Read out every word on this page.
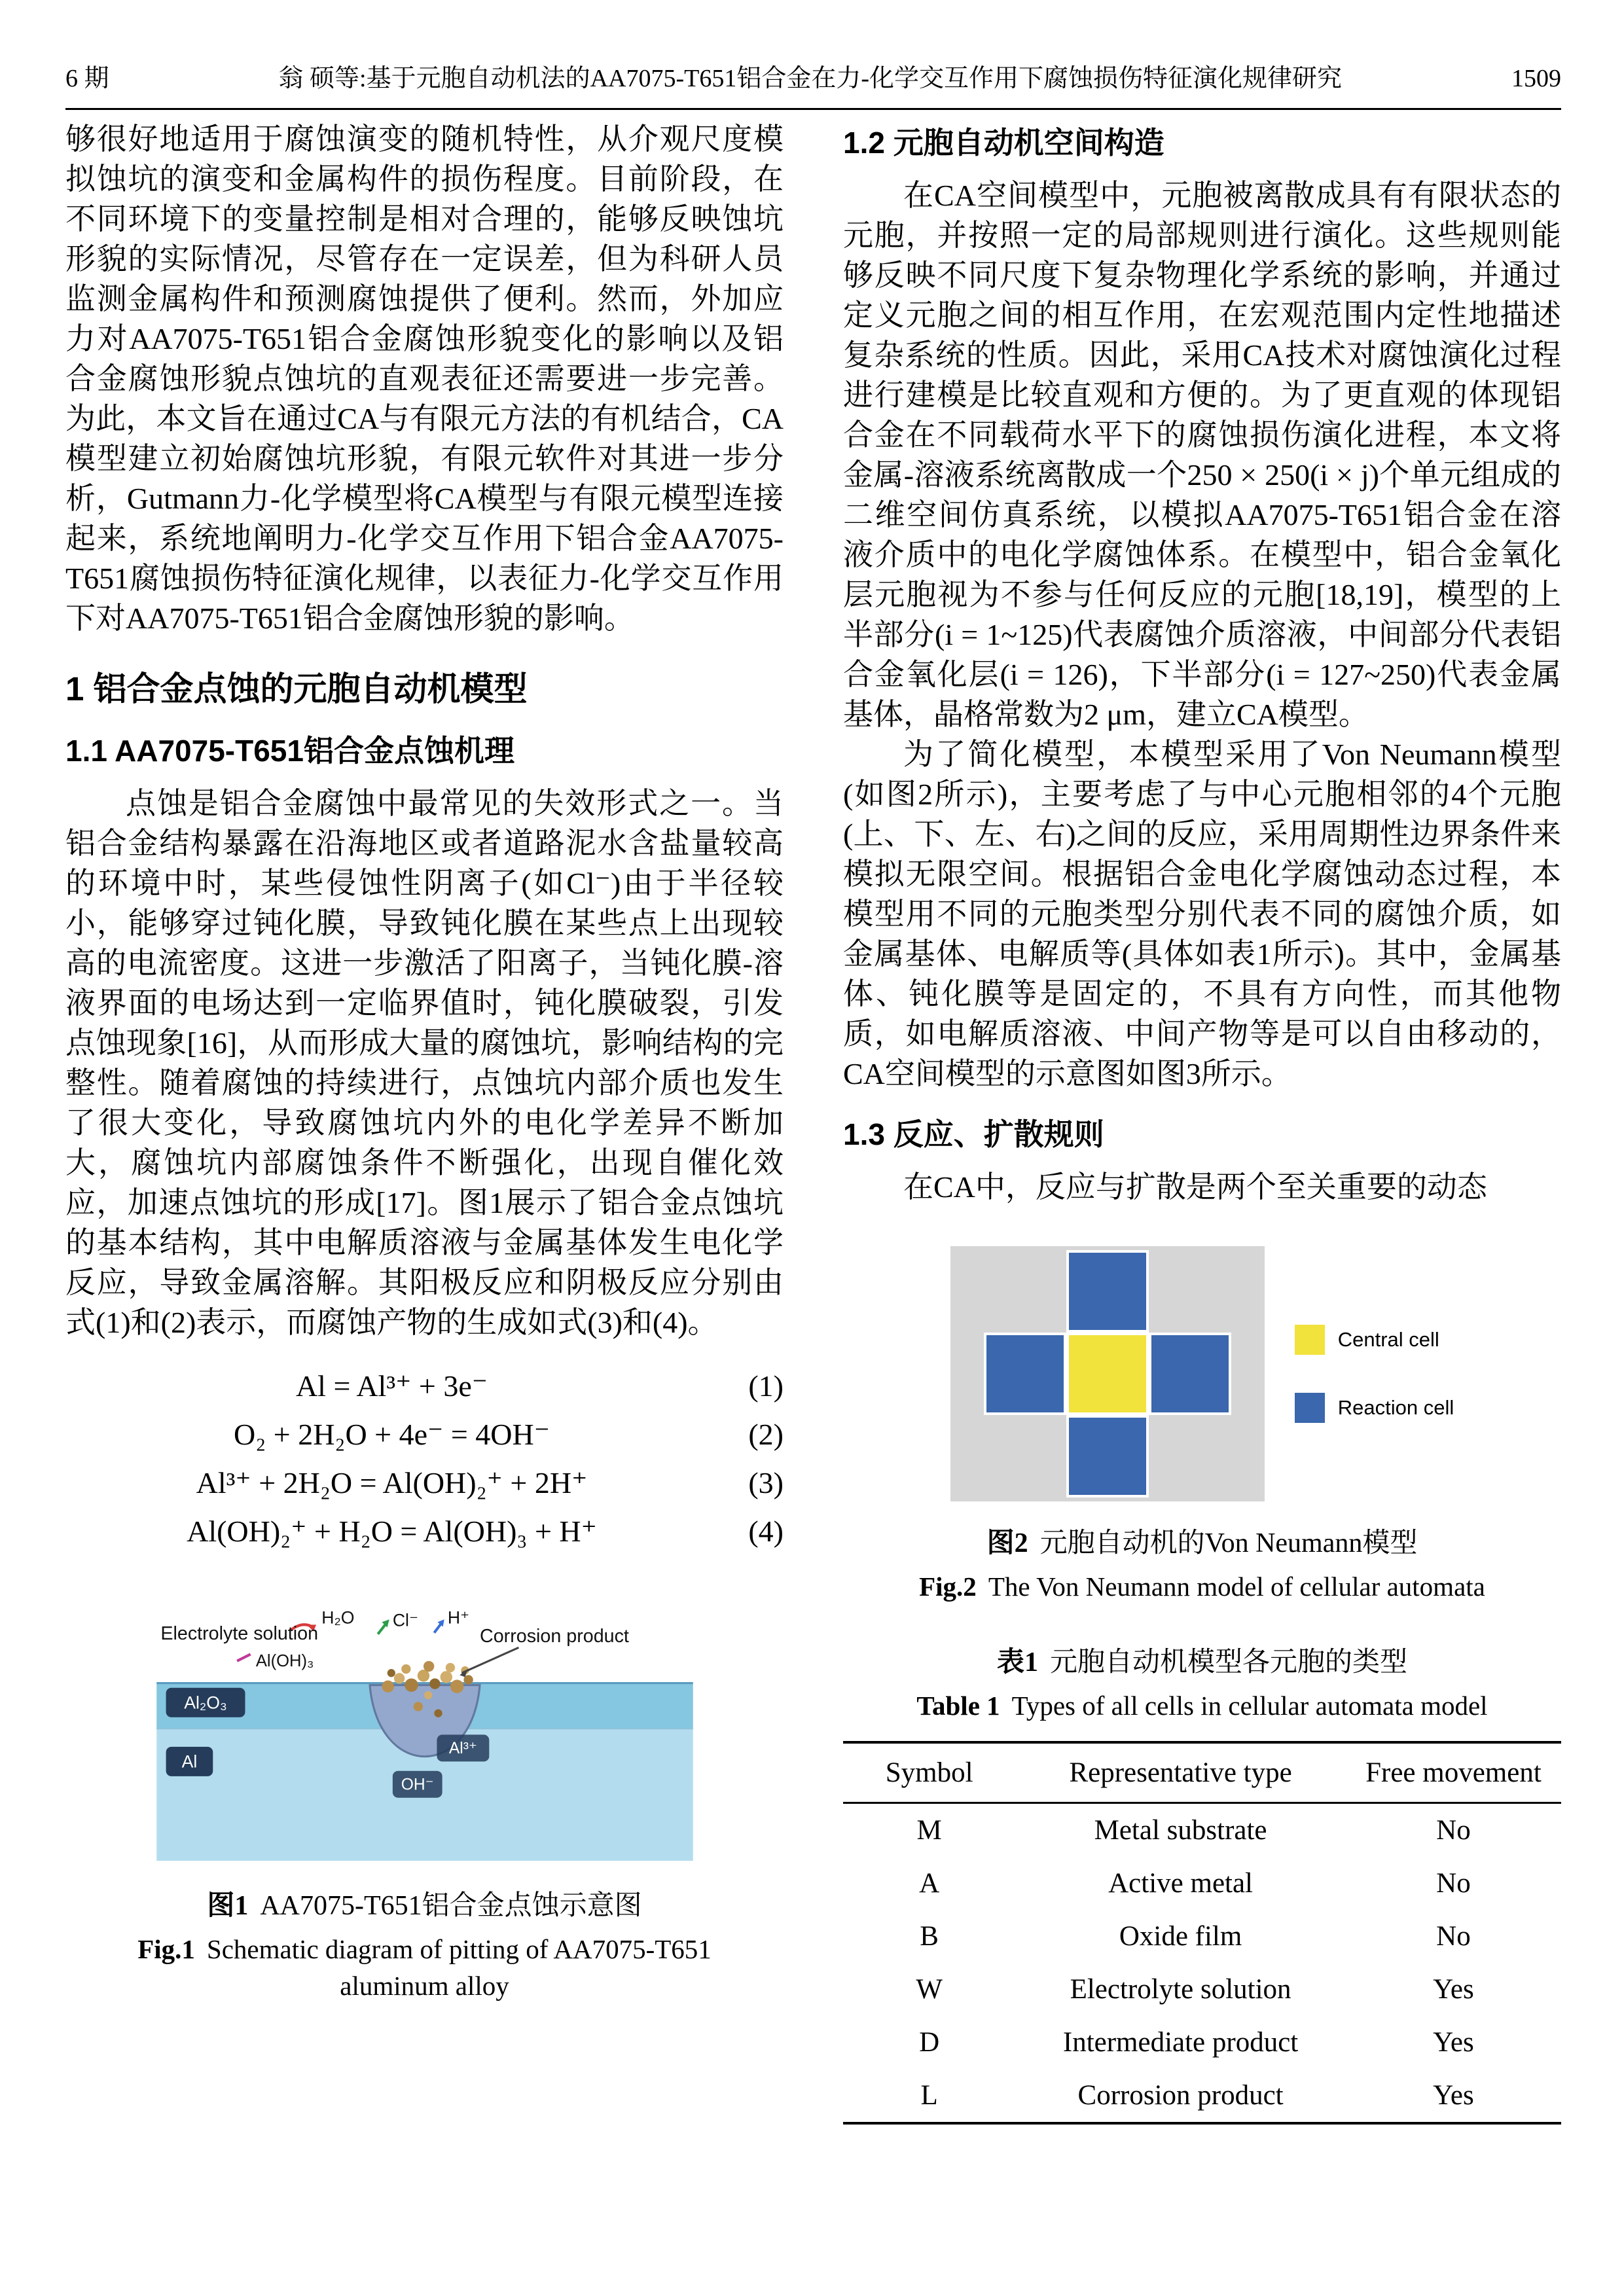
6 期	翁 硕等:基于元胞自动机法的AA7075-T651铝合金在力-化学交互作用下腐蚀损伤特征演化规律研究	1509

够很好地适用于腐蚀演变的随机特性，从介观尺度模拟蚀坑的演变和金属构件的损伤程度。目前阶段，在不同环境下的变量控制是相对合理的，能够反映蚀坑形貌的实际情况，尽管存在一定误差，但为科研人员监测金属构件和预测腐蚀提供了便利。然而，外加应力对AA7075-T651铝合金腐蚀形貌变化的影响以及铝合金腐蚀形貌点蚀坑的直观表征还需要进一步完善。为此，本文旨在通过CA与有限元方法的有机结合，CA模型建立初始腐蚀坑形貌，有限元软件对其进一步分析，Gutmann力-化学模型将CA模型与有限元模型连接起来，系统地阐明力-化学交互作用下铝合金AA7075-T651腐蚀损伤特征演化规律，以表征力-化学交互作用下对AA7075-T651铝合金腐蚀形貌的影响。

1 铝合金点蚀的元胞自动机模型
1.1 AA7075-T651铝合金点蚀机理

点蚀是铝合金腐蚀中最常见的失效形式之一。当铝合金结构暴露在沿海地区或者道路泥水含盐量较高的环境中时，某些侵蚀性阴离子(如Cl⁻)由于半径较小，能够穿过钝化膜，导致钝化膜在某些点上出现较高的电流密度。这进一步激活了阳离子，当钝化膜-溶液界面的电场达到一定临界值时，钝化膜破裂，引发点蚀现象[16]，从而形成大量的腐蚀坑，影响结构的完整性。随着腐蚀的持续进行，点蚀坑内部介质也发生了很大变化，导致腐蚀坑内外的电化学差异不断加大，腐蚀坑内部腐蚀条件不断强化，出现自催化效应，加速点蚀坑的形成[17]。图1展示了铝合金点蚀坑的基本结构，其中电解质溶液与金属基体发生电化学反应，导致金属溶解。其阳极反应和阴极反应分别由式(1)和(2)表示，而腐蚀产物的生成如式(3)和(4)。

Al = Al³⁺ + 3e⁻	(1)
O₂ + 2H₂O + 4e⁻ = 4OH⁻	(2)
Al³⁺ + 2H₂O = Al(OH)₂⁺ + 2H⁺	(3)
Al(OH)₂⁺ + H₂O = Al(OH)₃ + H⁺	(4)
Electrolyte solution
H₂O Cl⁻ H⁺
Corrosion product
Al(OH)₃
Al₂O₃
Al
Al³⁺
OH⁻
图1 AA7075-T651铝合金点蚀示意图
Fig.1 Schematic diagram of pitting of AA7075-T651 aluminum alloy
1.2 元胞自动机空间构造

在CA空间模型中，元胞被离散成具有有限状态的元胞，并按照一定的局部规则进行演化。这些规则能够反映不同尺度下复杂物理化学系统的影响，并通过定义元胞之间的相互作用，在宏观范围内定性地描述复杂系统的性质。因此，采用CA技术对腐蚀演化过程进行建模是比较直观和方便的。为了更直观的体现铝合金在不同载荷水平下的腐蚀损伤演化进程，本文将金属-溶液系统离散成一个250 × 250(i × j)个单元组成的二维空间仿真系统，以模拟AA7075-T651铝合金在溶液介质中的电化学腐蚀体系。在模型中，铝合金氧化层元胞视为不参与任何反应的元胞[18,19]，模型的上半部分(i = 1~125)代表腐蚀介质溶液，中间部分代表铝合金氧化层(i = 126)，下半部分(i = 127~250)代表金属基体，晶格常数为2 μm，建立CA模型。

为了简化模型，本模型采用了Von Neumann模型(如图2所示)，主要考虑了与中心元胞相邻的4个元胞(上、下、左、右)之间的反应，采用周期性边界条件来模拟无限空间。根据铝合金电化学腐蚀动态过程，本模型用不同的元胞类型分别代表不同的腐蚀介质，如金属基体、电解质等(具体如表1所示)。其中，金属基体、钝化膜等是固定的，不具有方向性，而其他物质，如电解质溶液、中间产物等是可以自由移动的，CA空间模型的示意图如图3所示。

1.3 反应、扩散规则

在CA中，反应与扩散是两个至关重要的动态

Central cell
Reaction cell
图2 元胞自动机的Von Neumann模型
Fig.2 The Von Neumann model of cellular automata
表1 元胞自动机模型各元胞的类型
Table 1 Types of all cells in cellular automata model
Symbol	Representative type	Free movement
M	Metal substrate	No
A	Active metal	No
B	Oxide film	No
W	Electrolyte solution	Yes
D	Intermediate product	Yes
L	Corrosion product	Yes
